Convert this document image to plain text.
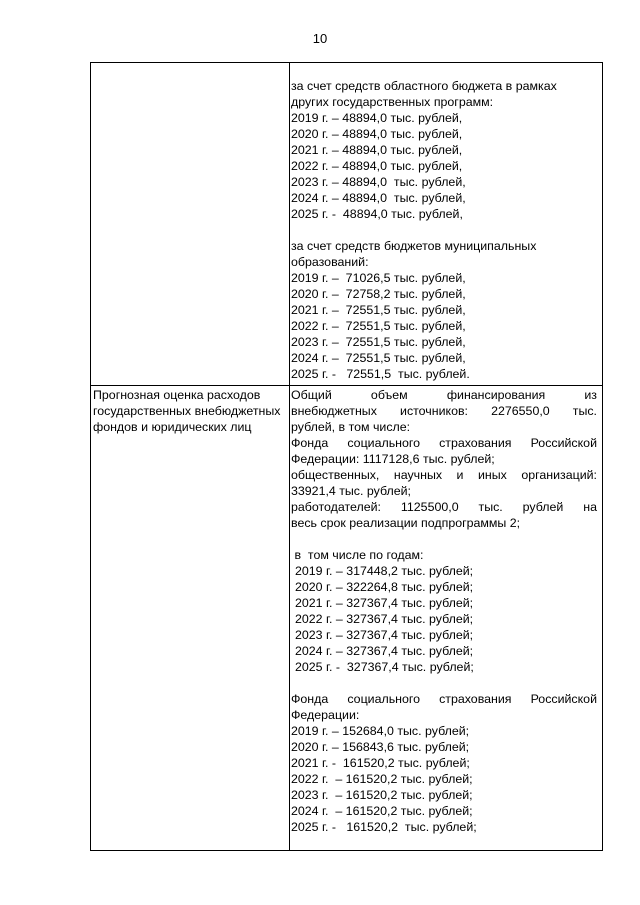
10
за счет средств областного бюджета в рамках
других государственных программ:
2019 г. – 48894,0 тыс. рублей,
2020 г. – 48894,0 тыс. рублей,
2021 г. – 48894,0 тыс. рублей,
2022 г. – 48894,0 тыс. рублей,
2023 г. – 48894,0  тыс. рублей,
2024 г. – 48894,0  тыс. рублей,
2025 г. -  48894,0 тыс. рублей,
за счет средств бюджетов муниципальных
образований:
2019 г. –  71026,5 тыс. рублей,
2020 г. –  72758,2 тыс. рублей,
2021 г. –  72551,5 тыс. рублей,
2022 г. –  72551,5 тыс. рублей,
2023 г. –  72551,5 тыс. рублей,
2024 г. –  72551,5 тыс. рублей,
2025 г. -   72551,5  тыс. рублей.
Прогнозная оценка расходов государственных внебюджетных фондов и юридических лиц
Общий объем финансирования из
внебюджетных источников: 2276550,0 тыс.
рублей, в том числе:
Фонда социального страхования Российской
Федерации: 1117128,6 тыс. рублей;
общественных, научных и иных организаций:
33921,4 тыс. рублей;
работодателей: 1125500,0 тыс. рублей на
весь срок реализации подпрограммы 2;
в  том числе по годам:
2019 г. – 317448,2 тыс. рублей;
2020 г. – 322264,8 тыс. рублей;
2021 г. – 327367,4 тыс. рублей;
2022 г. – 327367,4 тыс. рублей;
2023 г. – 327367,4 тыс. рублей;
2024 г. – 327367,4 тыс. рублей;
2025 г. -  327367,4 тыс. рублей;
Фонда социального страхования Российской
Федерации:
2019 г. – 152684,0 тыс. рублей;
2020 г. – 156843,6 тыс. рублей;
2021 г. -  161520,2 тыс. рублей;
2022 г.  – 161520,2 тыс. рублей;
2023 г.  – 161520,2 тыс. рублей;
2024 г.  – 161520,2 тыс. рублей;
2025 г. -   161520,2  тыс. рублей;
